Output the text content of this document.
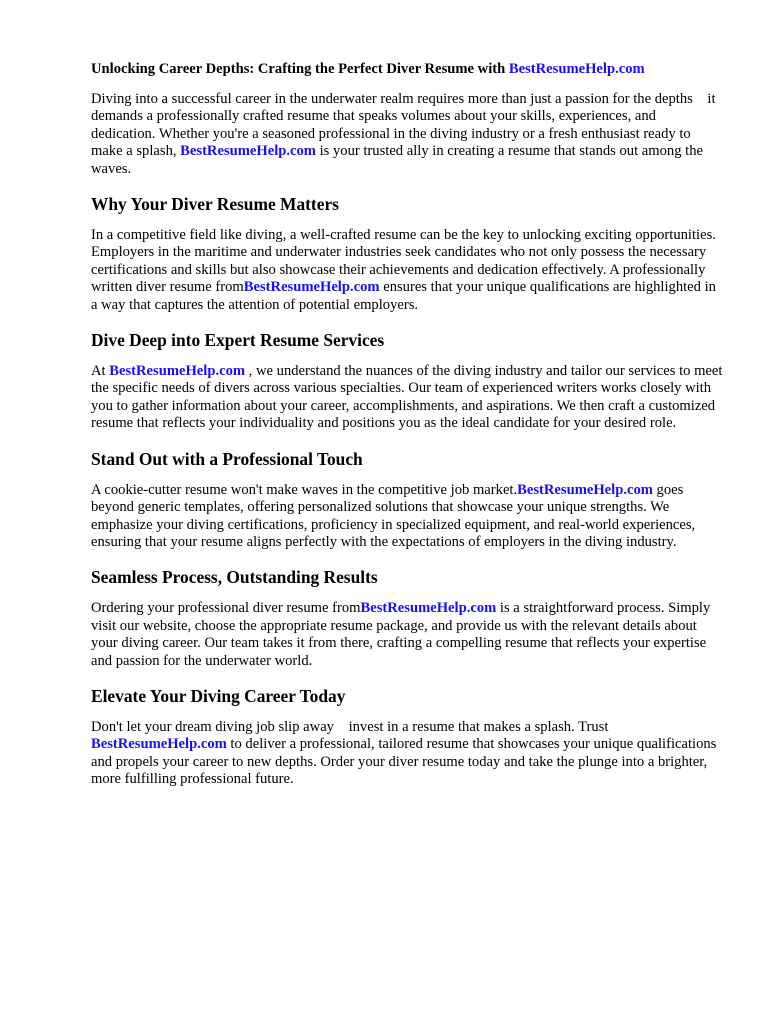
Unlocking Career Depths: Crafting the Perfect Diver Resume with BestResumeHelp.com

Diving into a successful career in the underwater realm requires more than just a passion for the depths    it demands a professionally crafted resume that speaks volumes about your skills, experiences, and dedication. Whether you're a seasoned professional in the diving industry or a fresh enthusiast ready to make a splash, BestResumeHelp.com is your trusted ally in creating a resume that stands out among the waves.

Why Your Diver Resume Matters

In a competitive field like diving, a well-crafted resume can be the key to unlocking exciting opportunities. Employers in the maritime and underwater industries seek candidates who not only possess the necessary certifications and skills but also showcase their achievements and dedication effectively. A professionally written diver resume fromBestResumeHelp.com ensures that your unique qualifications are highlighted in a way that captures the attention of potential employers.

Dive Deep into Expert Resume Services

At BestResumeHelp.com , we understand the nuances of the diving industry and tailor our services to meet the specific needs of divers across various specialties. Our team of experienced writers works closely with you to gather information about your career, accomplishments, and aspirations. We then craft a customized resume that reflects your individuality and positions you as the ideal candidate for your desired role.

Stand Out with a Professional Touch

A cookie-cutter resume won't make waves in the competitive job market.BestResumeHelp.com goes beyond generic templates, offering personalized solutions that showcase your unique strengths. We emphasize your diving certifications, proficiency in specialized equipment, and real-world experiences, ensuring that your resume aligns perfectly with the expectations of employers in the diving industry.

Seamless Process, Outstanding Results

Ordering your professional diver resume fromBestResumeHelp.com is a straightforward process. Simply visit our website, choose the appropriate resume package, and provide us with the relevant details about your diving career. Our team takes it from there, crafting a compelling resume that reflects your expertise and passion for the underwater world.

Elevate Your Diving Career Today

Don't let your dream diving job slip away    invest in a resume that makes a splash. Trust BestResumeHelp.com to deliver a professional, tailored resume that showcases your unique qualifications and propels your career to new depths. Order your diver resume today and take the plunge into a brighter, more fulfilling professional future.
